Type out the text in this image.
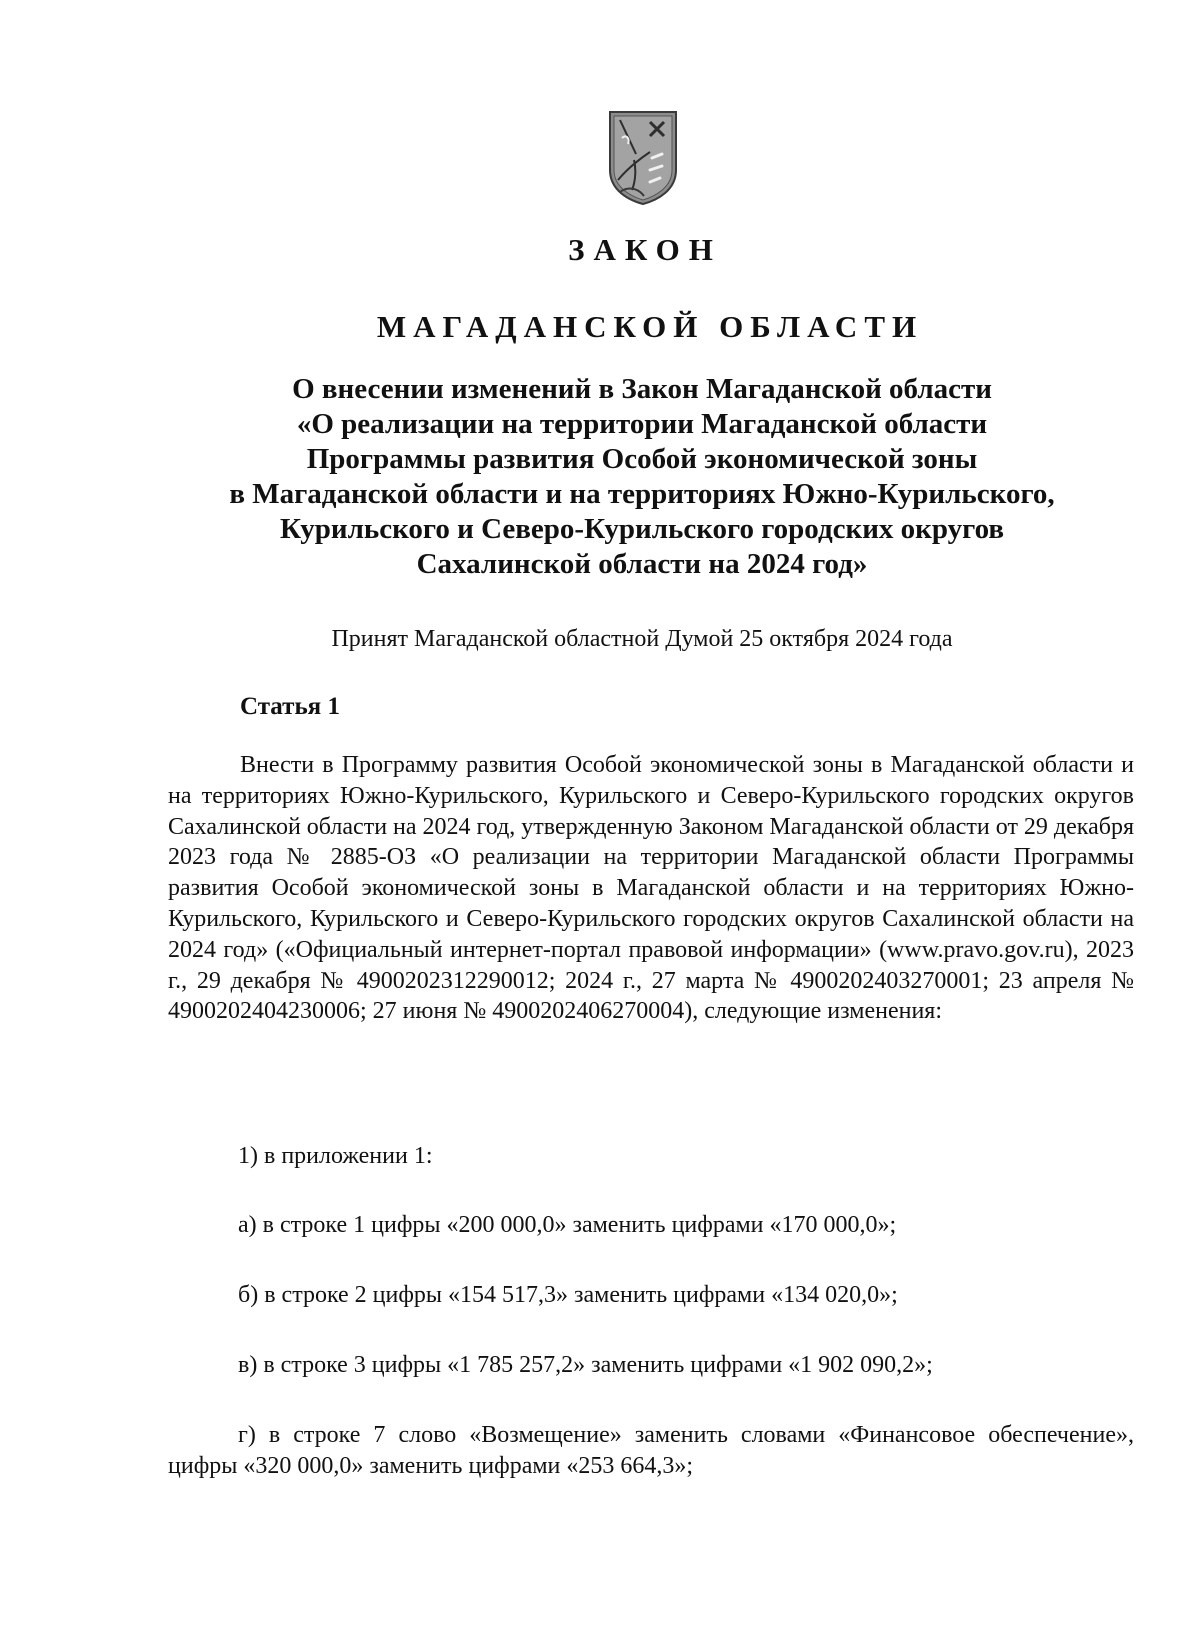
ЗАКОН
МАГАДАНСКОЙ ОБЛАСТИ
О внесении изменений в Закон Магаданской области
«О реализации на территории Магаданской области
Программы развития Особой экономической зоны
в Магаданской области и на территориях Южно-Курильского,
Курильского и Северо-Курильского городских округов
Сахалинской области на 2024 год»
Принят Магаданской областной Думой 25 октября 2024 года
Статья 1
Внести в Программу развития Особой экономической зоны в Магаданской области и на территориях Южно-Курильского, Курильского и Северо-Курильского городских округов Сахалинской области на 2024 год, утвержденную Законом Магаданской области от 29 декабря 2023 года № 2885-ОЗ «О реализации на территории Магаданской области Программы развития Особой экономической зоны в Магаданской области и на территориях Южно-Курильского, Курильского и Северо-Курильского городских округов Сахалинской области на 2024 год» («Официальный интернет-портал правовой информации» (www.pravo.gov.ru), 2023 г., 29 декабря № 4900202312290012; 2024 г., 27 марта № 4900202403270001; 23 апреля № 4900202404230006; 27 июня № 4900202406270004), следующие изменения:
1) в приложении 1:
а) в строке 1 цифры «200 000,0» заменить цифрами «170 000,0»;
б) в строке 2 цифры «154 517,3» заменить цифрами «134 020,0»;
в) в строке 3 цифры «1 785 257,2» заменить цифрами «1 902 090,2»;
г) в строке 7 слово «Возмещение» заменить словами «Финансовое обеспечение», цифры «320 000,0» заменить цифрами «253 664,3»;
